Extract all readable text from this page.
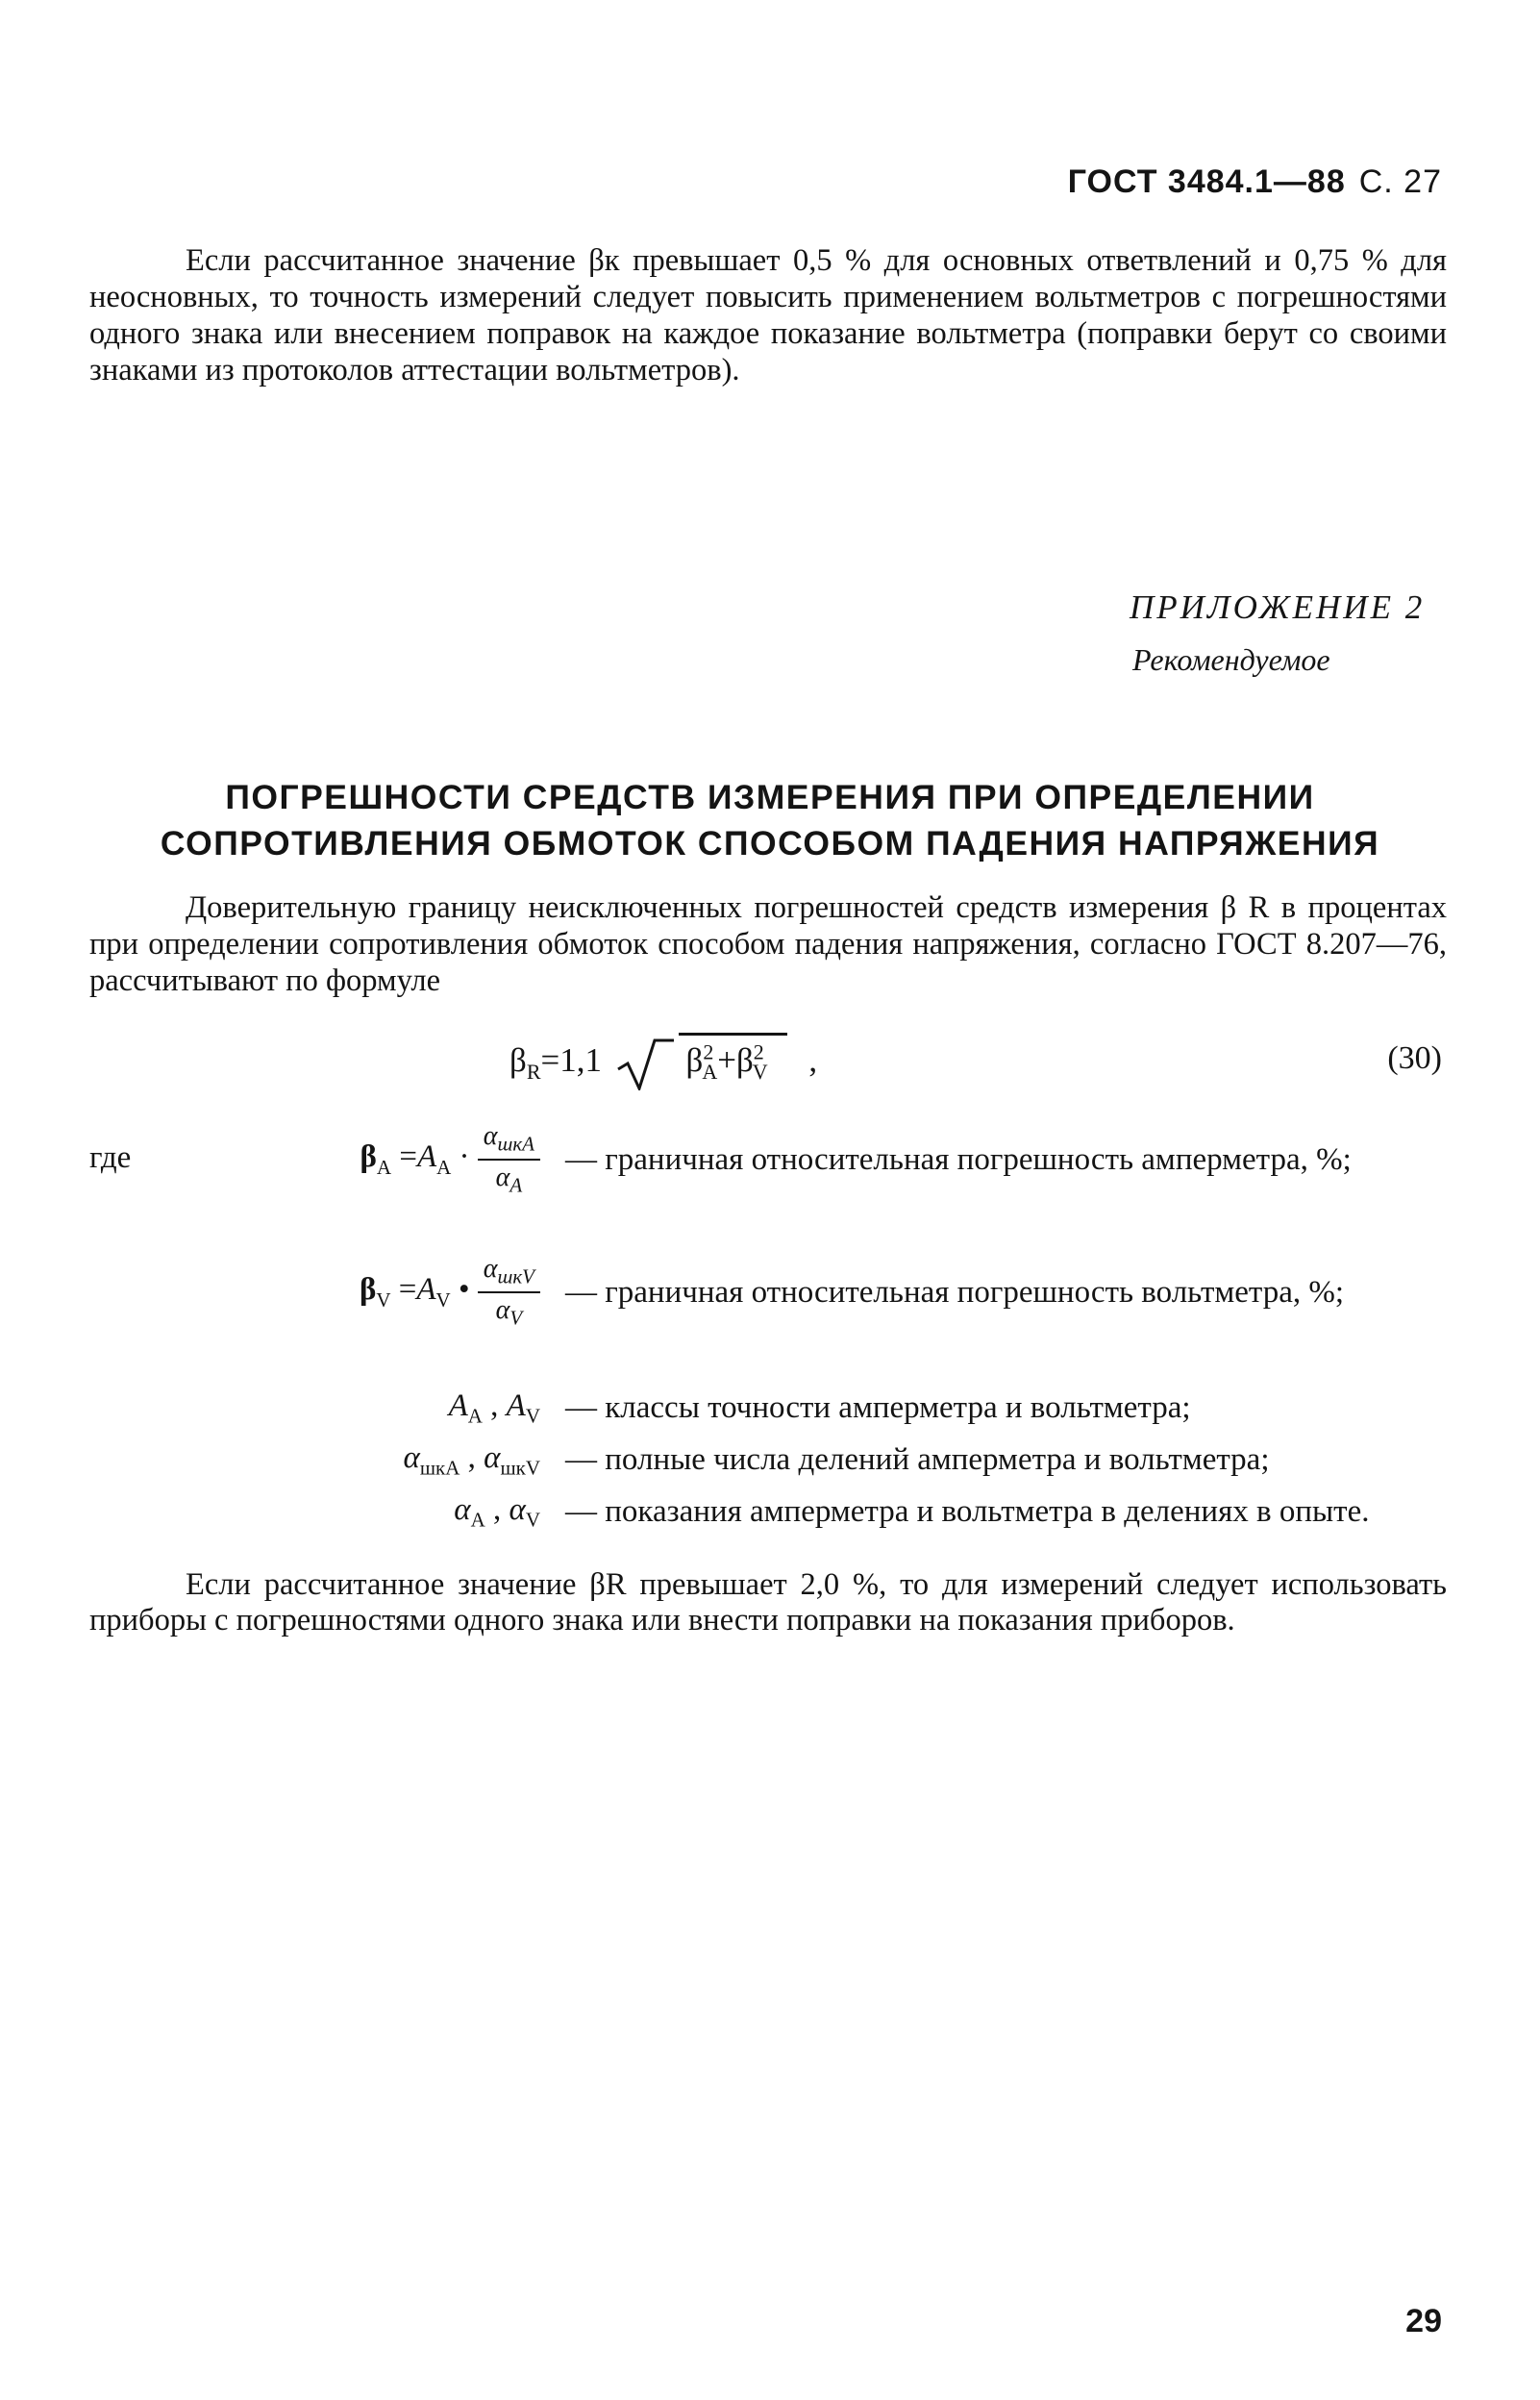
ГОСТ 3484.1—88 С. 27
Если рассчитанное значение βк превышает 0,5 % для основных ответвлений и 0,75 % для неосновных, то точность измерений следует повысить применением вольтметров с погрешностями одного знака или внесением поправок на каждое показание вольтметра (поправки берут со своими знаками из протоколов аттестации вольтметров).
ПРИЛОЖЕНИЕ 2
Рекомендуемое
ПОГРЕШНОСТИ СРЕДСТВ ИЗМЕРЕНИЯ ПРИ ОПРЕДЕЛЕНИИ
СОПРОТИВЛЕНИЯ ОБМОТОК СПОСОБОМ ПАДЕНИЯ НАПРЯЖЕНИЯ
Доверительную границу неисключенных погрешностей средств измерения β R в процентах при определении сопротивления обмоток способом падения напряжения, согласно ГОСТ 8.207—76, рассчитывают по формуле
$\beta_R=1,1$	$\beta^2_A+\beta^2_V$ ,	(30)
где	$\beta_A =A_A \cdot \frac{\alpha_{шкA}}{\alpha_A}$ — граничная относительная погрешность амперметра, %;
$\beta_V =A_V$ • $\frac{\alpha_{шкV}}{\alpha_V}$ — граничная относительная погрешность вольтметра, %;
$A_A$ , $A_V$ — классы точности амперметра и вольтметра;
$\alpha_{шкA}$ , $\alpha_{шкV}$ — полные числа делений амперметра и вольтметра;
$\alpha_A$ , $\alpha_V$ — показания амперметра и вольтметра в делениях в опыте.
Если рассчитанное значение βR превышает 2,0 %, то для измерений следует использовать приборы с погрешностями одного знака или внести поправки на показания приборов.
29
